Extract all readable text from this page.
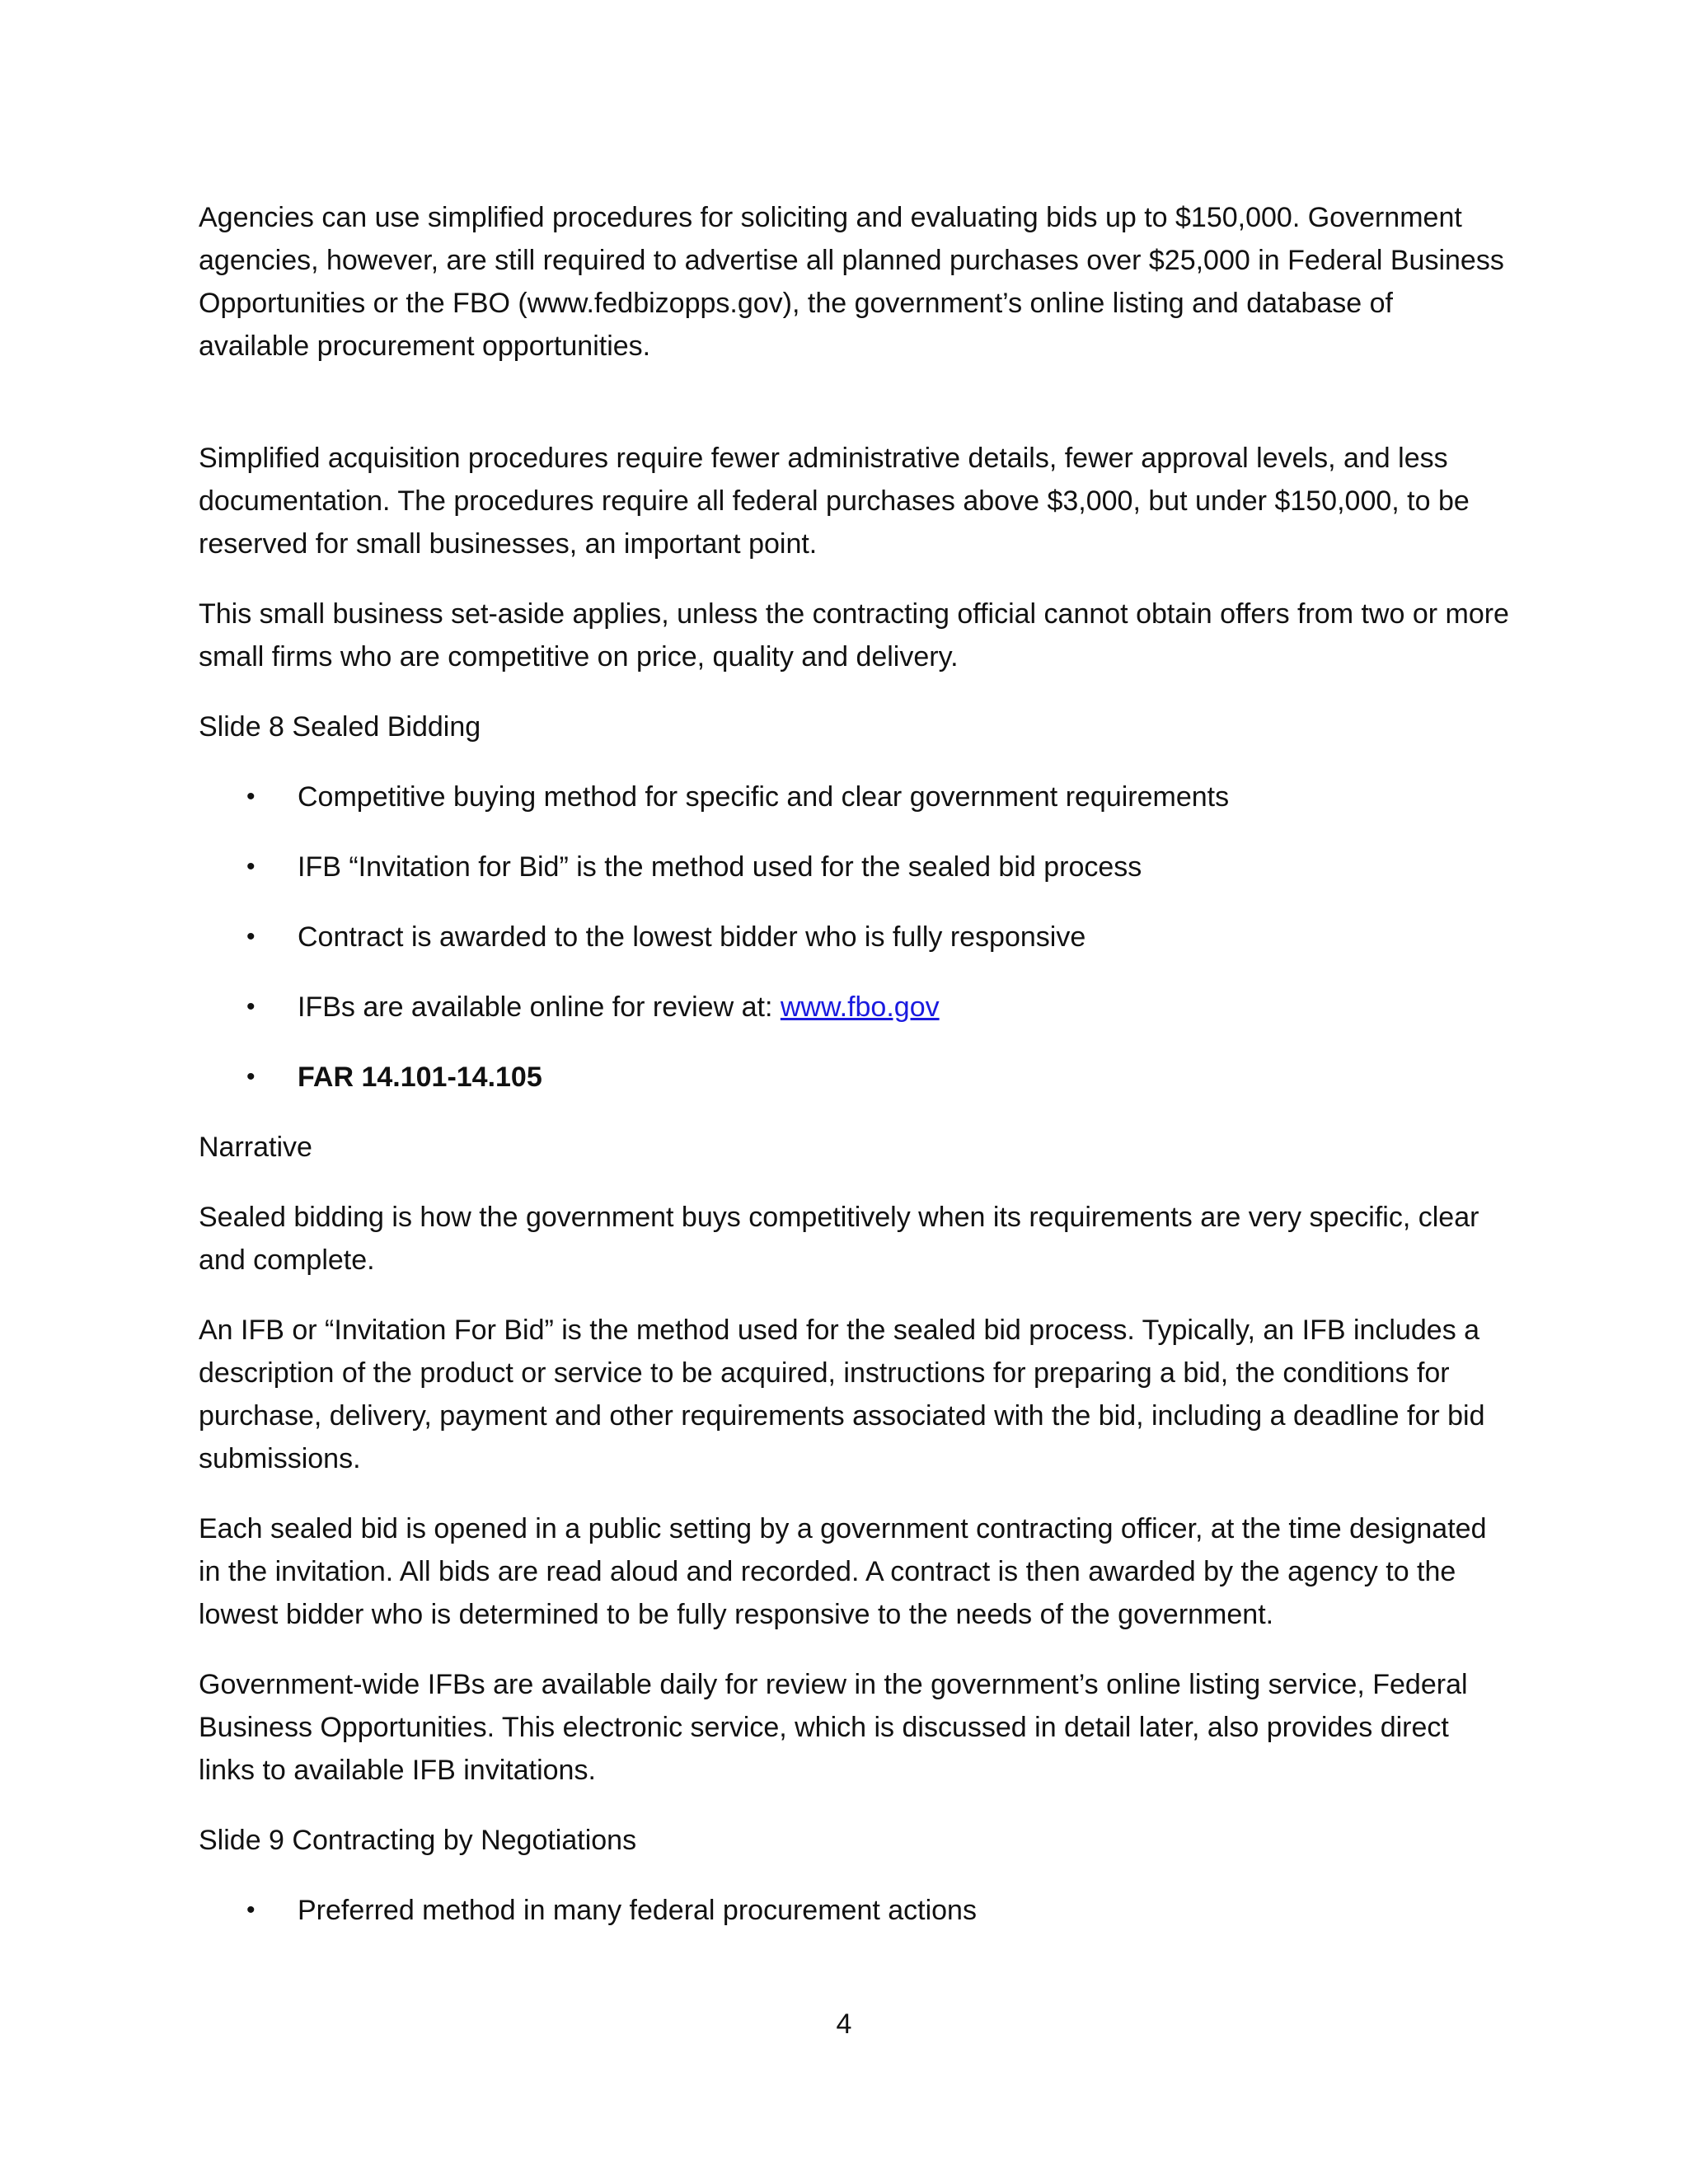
Agencies can use simplified procedures for soliciting and evaluating bids up to $150,000. Government agencies, however, are still required to advertise all planned purchases over $25,000 in Federal Business Opportunities or the FBO (www.fedbizopps.gov), the government’s online listing and database of available procurement opportunities.

Simplified acquisition procedures require fewer administrative details, fewer approval levels, and less documentation. The procedures require all federal purchases above $3,000, but under $150,000, to be reserved for small businesses, an important point.

This small business set-aside applies, unless the contracting official cannot obtain offers from two or more small firms who are competitive on price, quality and delivery.

Slide 8 Sealed Bidding

• Competitive buying method for specific and clear government requirements
• IFB “Invitation for Bid” is the method used for the sealed bid process
• Contract is awarded to the lowest bidder who is fully responsive
• IFBs are available online for review at: www.fbo.gov
• FAR 14.101-14.105

Narrative

Sealed bidding is how the government buys competitively when its requirements are very specific, clear and complete.

An IFB or “Invitation For Bid” is the method used for the sealed bid process. Typically, an IFB includes a description of the product or service to be acquired, instructions for preparing a bid, the conditions for purchase, delivery, payment and other requirements associated with the bid, including a deadline for bid submissions.

Each sealed bid is opened in a public setting by a government contracting officer, at the time designated in the invitation. All bids are read aloud and recorded. A contract is then awarded by the agency to the lowest bidder who is determined to be fully responsive to the needs of the government.

Government-wide IFBs are available daily for review in the government’s online listing service, Federal Business Opportunities. This electronic service, which is discussed in detail later, also provides direct links to available IFB invitations.

Slide 9 Contracting by Negotiations

• Preferred method in many federal procurement actions
4
